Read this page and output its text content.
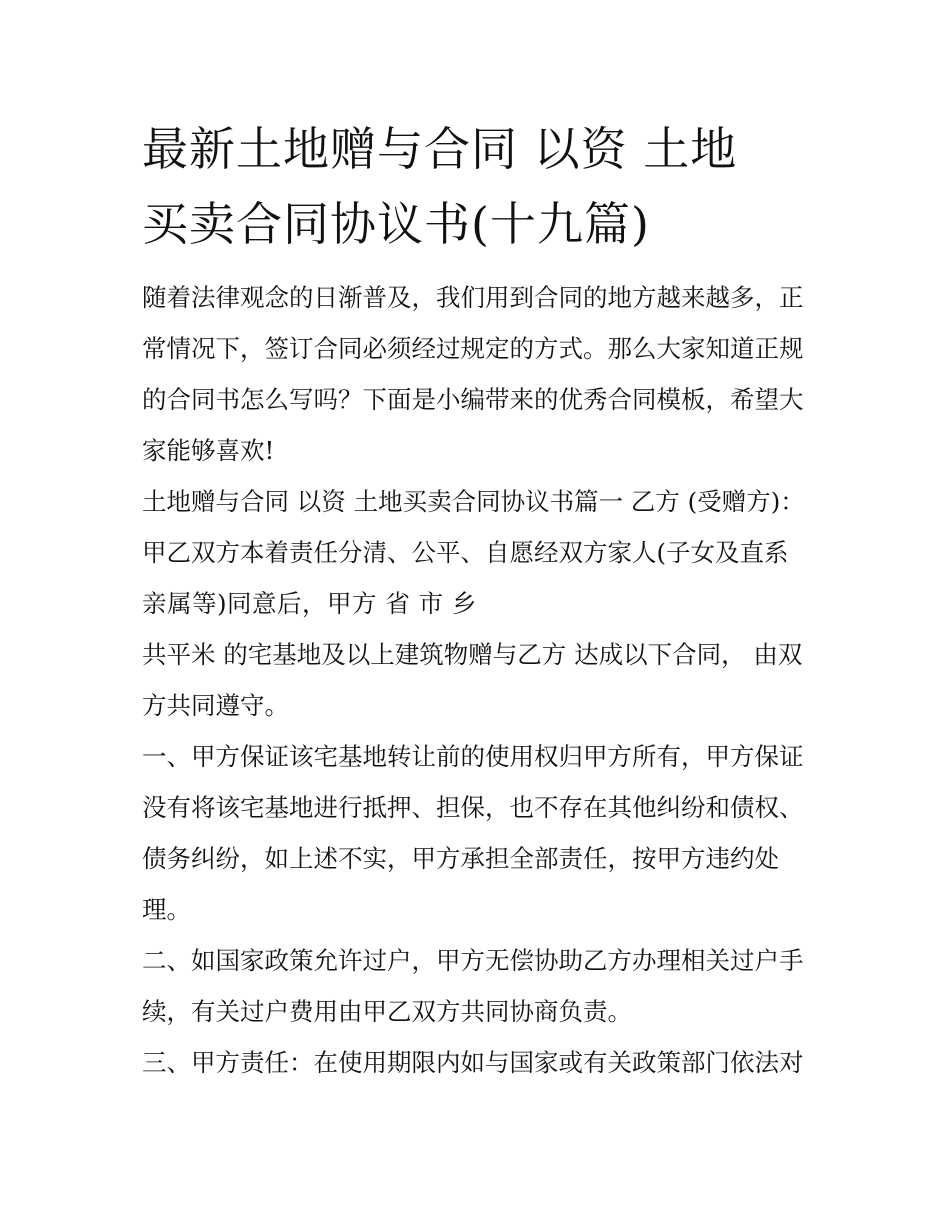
最新土地赠与合同 以资 土地
买卖合同协议书(十九篇)
随着法律观念的日渐普及，我们用到合同的地方越来越多，正
常情况下，签订合同必须经过规定的方式。那么大家知道正规
的合同书怎么写吗？下面是小编带来的优秀合同模板，希望大
家能够喜欢!
土地赠与合同 以资 土地买卖合同协议书篇一 乙方 (受赠方)：
甲乙双方本着责任分清、公平、自愿经双方家人(子女及直系
亲属等)同意后，甲方 省 市 乡
共平米 的宅基地及以上建筑物赠与乙方 达成以下合同， 由双
方共同遵守。
一、甲方保证该宅基地转让前的使用权归甲方所有，甲方保证
没有将该宅基地进行抵押、担保，也不存在其他纠纷和债权、
债务纠纷，如上述不实，甲方承担全部责任，按甲方违约处
理。
二、如国家政策允许过户，甲方无偿协助乙方办理相关过户手
续，有关过户费用由甲乙双方共同协商负责。
三、甲方责任：在使用期限内如与国家或有关政策部门依法对
